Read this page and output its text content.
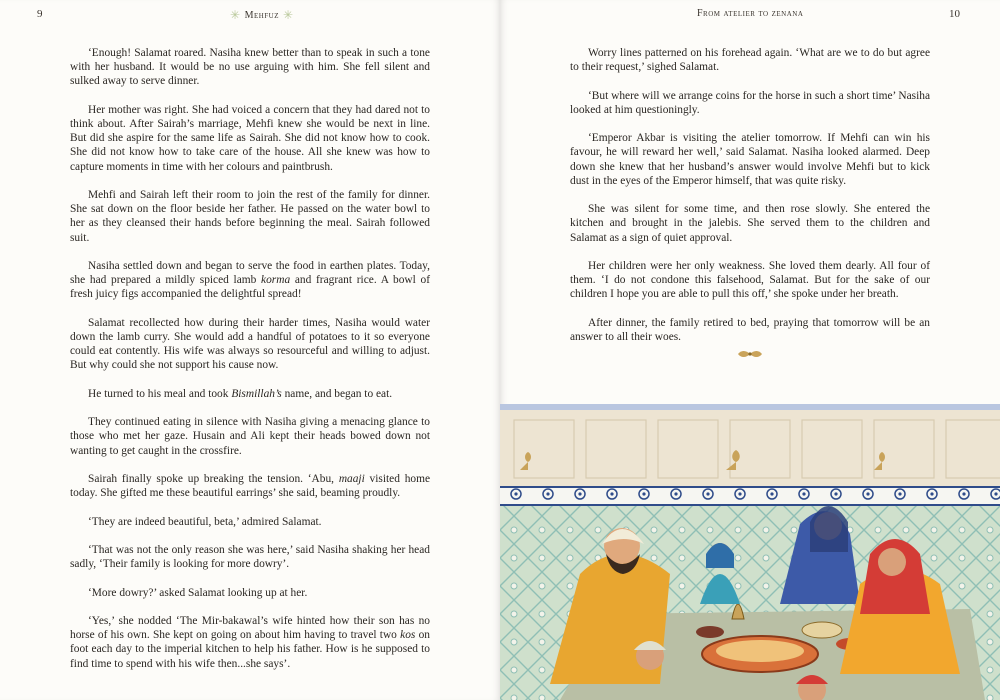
9	✳ Mehfuz ✳

‘Enough! Salamat roared. Nasiha knew better than to speak in such a tone with her husband. It would be no use arguing with him. She fell silent and sulked away to serve dinner.

Her mother was right. She had voiced a concern that they had dared not to think about. After Sairah’s marriage, Mehfi knew she would be next in line. But did she aspire for the same life as Sairah. She did not know how to cook. She did not know how to take care of the house. All she knew was how to capture moments in time with her colours and paintbrush.

Mehfi and Sairah left their room to join the rest of the family for dinner. She sat down on the floor beside her father. He passed on the water bowl to her as they cleansed their hands before beginning the meal. Sairah followed suit.

Nasiha settled down and began to serve the food in earthen plates. Today, she had prepared a mildly spiced lamb korma and fragrant rice. A bowl of fresh juicy figs accompanied the delightful spread!

Salamat recollected how during their harder times, Nasiha would water down the lamb curry. She would add a handful of potatoes to it so everyone could eat contently. His wife was always so resourceful and willing to adjust. But why could she not support his cause now.

He turned to his meal and took Bismillah’s name, and began to eat.

They continued eating in silence with Nasiha giving a menacing glance to those who met her gaze. Husain and Ali kept their heads bowed down not wanting to get caught in the crossfire.

Sairah finally spoke up breaking the tension. ‘Abu, maaji visited home today. She gifted me these beautiful earrings’ she said, beaming proudly.

‘They are indeed beautiful, beta,’ admired Salamat.

‘That was not the only reason she was here,’ said Nasiha shaking her head sadly, ‘Their family is looking for more dowry’.

‘More dowry?’ asked Salamat looking up at her.

‘Yes,’ she nodded ‘The Mir-bakawal’s wife hinted how their son has no horse of his own. She kept on going on about him having to travel two kos on foot each day to the imperial kitchen to help his father. How is he supposed to find time to spend with his wife then...she says’.

From atelier to zenana	10

Worry lines patterned on his forehead again. ‘What are we to do but agree to their request,’ sighed Salamat.

‘But where will we arrange coins for the horse in such a short time’ Nasiha looked at him questioningly.

‘Emperor Akbar is visiting the atelier tomorrow. If Mehfi can win his favour, he will reward her well,’ said Salamat. Nasiha looked alarmed. Deep down she knew that her husband’s answer would involve Mehfi but to kick dust in the eyes of the Emperor himself, that was quite risky.

She was silent for some time, and then rose slowly. She entered the kitchen and brought in the jalebis. She served them to the children and Salamat as a sign of quiet approval.

Her children were her only weakness. She loved them dearly. All four of them. ‘I do not condone this falsehood, Salamat. But for the sake of our children I hope you are able to pull this off,’ she spoke under her breath.

After dinner, the family retired to bed, praying that tomorrow will be an answer to all their woes.
